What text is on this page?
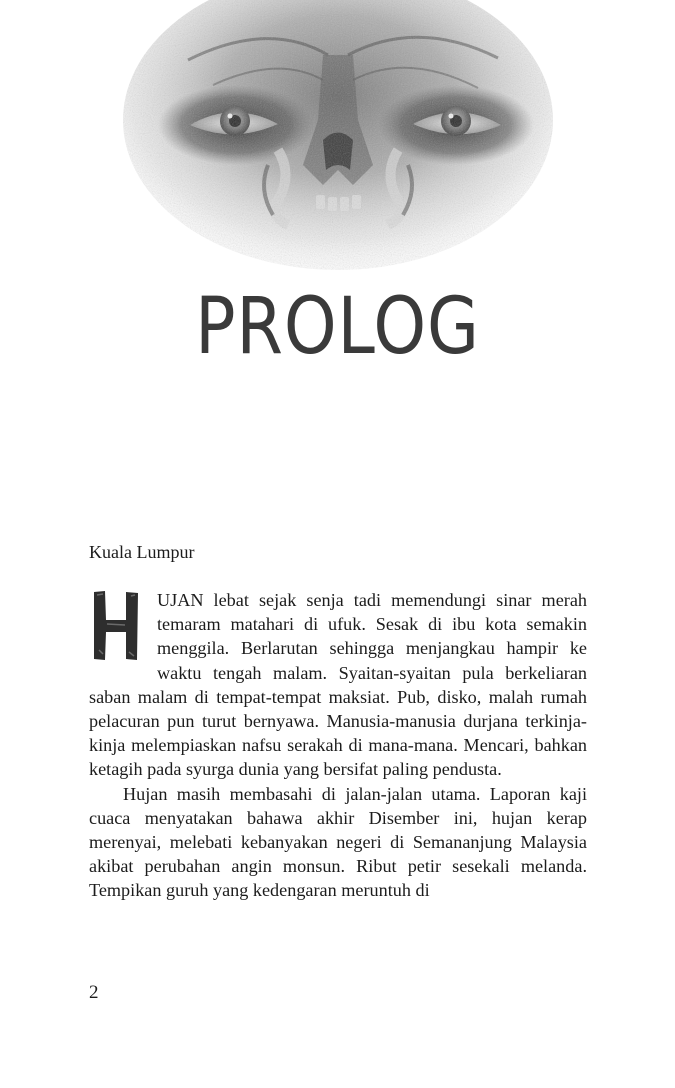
PROLOG
Kuala Lumpur

UJAN lebat sejak senja tadi memendungi sinar merah temaram matahari di ufuk. Sesak di ibu kota semakin menggila. Berlarutan sehingga menjangkau hampir ke waktu tengah malam. Syaitan-syaitan pula berkeliaran saban malam di tempat-tempat maksiat. Pub, disko, malah rumah pelacuran pun turut bernyawa. Manusia-manusia durjana terkinja-kinja melempiaskan nafsu serakah di mana-mana. Mencari, bahkan ketagih pada syurga dunia yang bersifat paling pendusta.

Hujan masih membasahi di jalan-jalan utama. Laporan kaji cuaca menyatakan bahawa akhir Disember ini, hujan kerap merenyai, melebati kebanyakan negeri di Semananjung Malaysia akibat perubahan angin monsun. Ribut petir sesekali melanda. Tempikan guruh yang kedengaran meruntuh di

2
